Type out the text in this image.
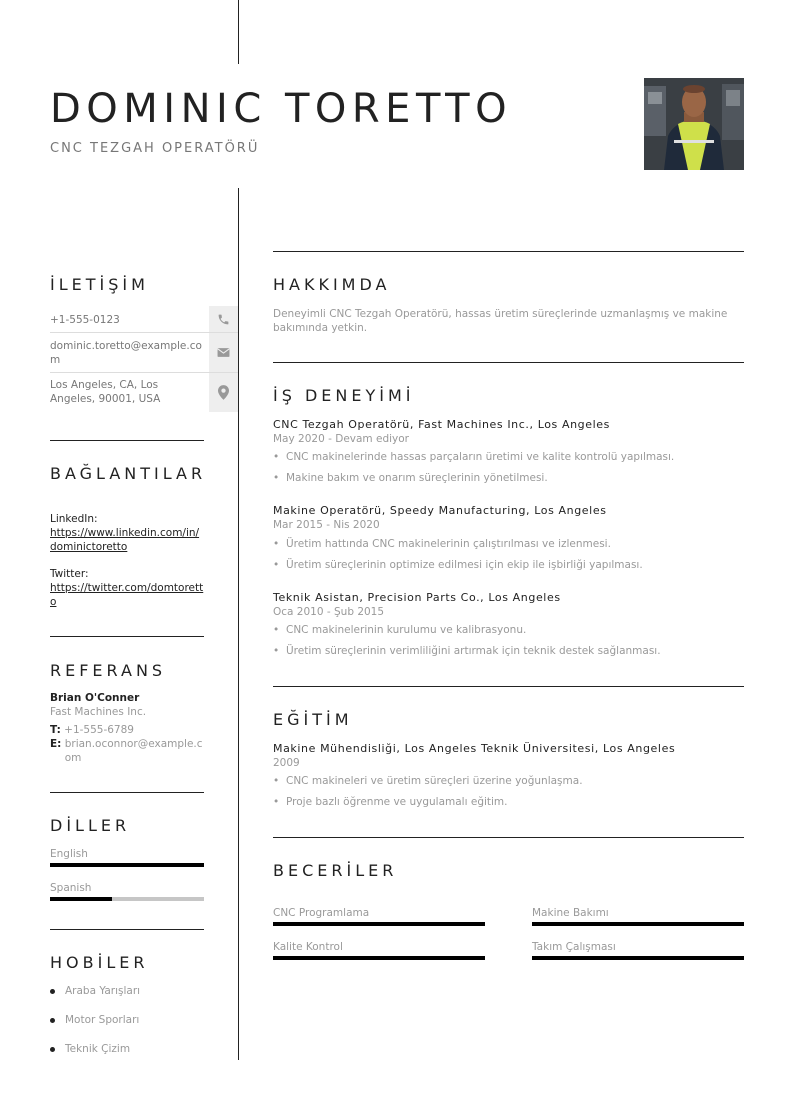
DOMINIC TORETTO
CNC TEZGAH OPERATÖRÜ
İLETİŞİM
+1-555-0123
dominic.toretto@example.com
Los Angeles, CA, Los Angeles, 90001, USA
BAĞLANTILAR
LinkedIn:
https://www.linkedin.com/in/dominictoretto
Twitter:
https://twitter.com/domtoretto
REFERANS
Brian O'Conner
Fast Machines Inc.
T: +1-555-6789
E: brian.oconnor@example.com
DİLLER
English
Spanish
HOBİLER
Araba Yarışları
Motor Sporları
Teknik Çizim
HAKKIMDA

Deneyimli CNC Tezgah Operatörü, hassas üretim süreçlerinde uzmanlaşmış ve makine bakımında yetkin.

İŞ DENEYİMİ
CNC Tezgah Operatörü, Fast Machines Inc., Los Angeles
May 2020 - Devam ediyor
• CNC makinelerinde hassas parçaların üretimi ve kalite kontrolü yapılması.
• Makine bakım ve onarım süreçlerinin yönetilmesi.
Makine Operatörü, Speedy Manufacturing, Los Angeles
Mar 2015 - Nis 2020
• Üretim hattında CNC makinelerinin çalıştırılması ve izlenmesi.
• Üretim süreçlerinin optimize edilmesi için ekip ile işbirliği yapılması.
Teknik Asistan, Precision Parts Co., Los Angeles
Oca 2010 - Şub 2015
• CNC makinelerinin kurulumu ve kalibrasyonu.
• Üretim süreçlerinin verimliliğini artırmak için teknik destek sağlanması.
EĞİTİM
Makine Mühendisliği, Los Angeles Teknik Üniversitesi, Los Angeles
2009
• CNC makineleri ve üretim süreçleri üzerine yoğunlaşma.
• Proje bazlı öğrenme ve uygulamalı eğitim.
BECERİLER
CNC Programlama	Makine Bakımı
Kalite Kontrol	Takım Çalışması
